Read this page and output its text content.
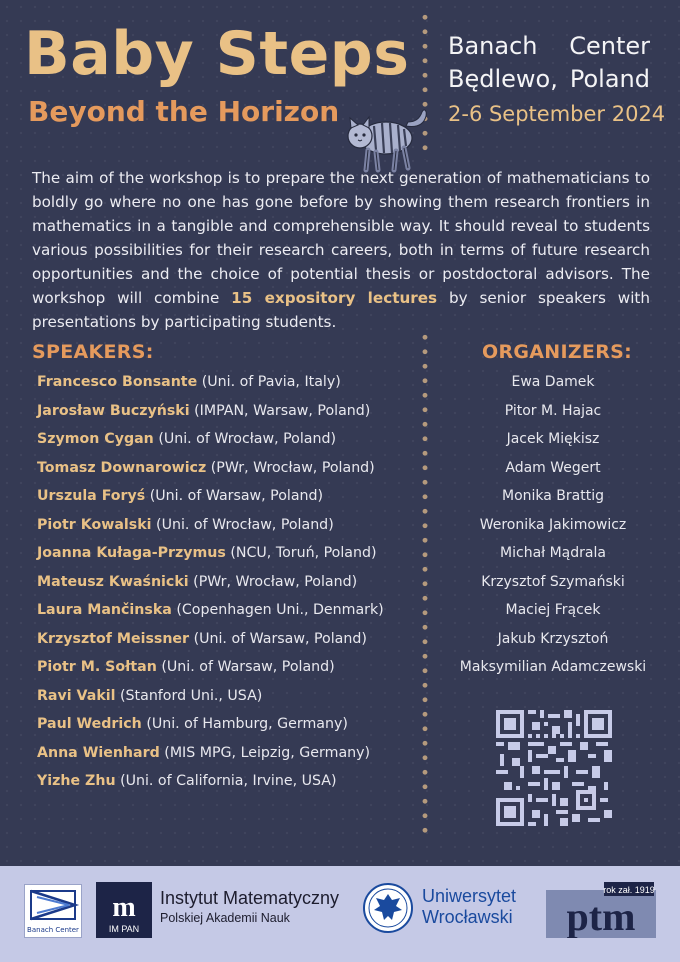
Baby Steps
Beyond the Horizon
Banach Center
Będlewo, Poland
2-6 September 2024

The aim of the workshop is to prepare the next generation of mathematicians to boldly go where no one has gone before by showing them research frontiers in mathematics in a tangible and comprehensible way. It should reveal to students various possibilities for their research careers, both in terms of future research opportunities and the choice of potential thesis or postdoctoral advisors. The workshop will combine 15 expository lectures by senior speakers with presentations by participating students.

SPEAKERS:	ORGANIZERS:
Francesco Bonsante (Uni. of Pavia, Italy)
Jarosław Buczyński (IMPAN, Warsaw, Poland)
Szymon Cygan (Uni. of Wrocław, Poland)
Tomasz Downarowicz (PWr, Wrocław, Poland)
Urszula Foryś (Uni. of Warsaw, Poland)
Piotr Kowalski (Uni. of Wrocław, Poland)
Joanna Kułaga-Przymus (NCU, Toruń, Poland)
Mateusz Kwaśnicki (PWr, Wrocław, Poland)
Laura Mančinska (Copenhagen Uni., Denmark)
Krzysztof Meissner (Uni. of Warsaw, Poland)
Piotr M. Sołtan (Uni. of Warsaw, Poland)
Ravi Vakil (Stanford Uni., USA)
Paul Wedrich (Uni. of Hamburg, Germany)
Anna Wienhard (MIS MPG, Leipzig, Germany)
Yizhe Zhu (Uni. of California, Irvine, USA)
Ewa Damek
Pitor M. Hajac
Jacek Miękisz
Adam Wegert
Monika Brattig
Weronika Jakimowicz
Michał Mądrala
Krzysztof Szymański
Maciej Frącek
Jakub Krzysztoń
Maksymilian Adamczewski
Banach Center
m
IM PAN
Instytut Matematyczny
Polskiej Akademii Nauk
Uniwersytet
Wrocławski
rok zał. 1919
ptm
